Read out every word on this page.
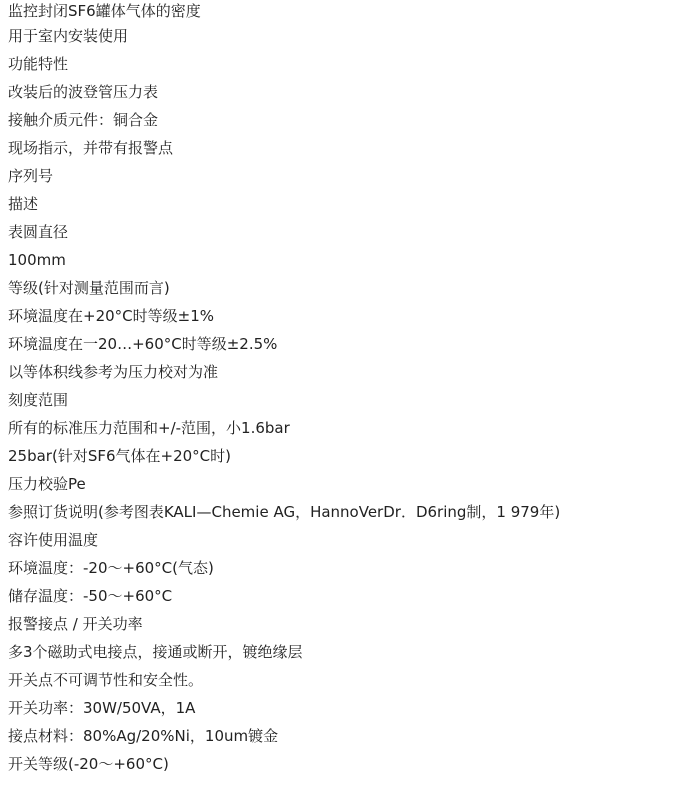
监控封闭SF6罐体气体的密度

用于室内安装使用

功能特性

改装后的波登管压力表

接触介质元件：铜合金

现场指示，并带有报警点

序列号

描述

表圆直径

100mm

等级(针对测量范围而言)

环境温度在+20°C时等级±1%

环境温度在一20…+60°C时等级±2.5%

以等体积线参考为压力校对为准

刻度范围

所有的标准压力范围和+/-范围，小1.6bar

25bar(针对SF6气体在+20°C时)

压力校验Pe

参照订货说明(参考图表KALI—Chemie AG，HannoVerDr．D6ring制，1 979年)

容许使用温度

环境温度：-20～+60°C(气态)

储存温度：-50～+60°C

报警接点 / 开关功率

多3个磁助式电接点，接通或断开，镀绝缘层

开关点不可调节性和安全性。

开关功率：30W/50VA，1A

接点材料：80%Ag/20%Ni，10um镀金

开关等级(-20～+60°C)
